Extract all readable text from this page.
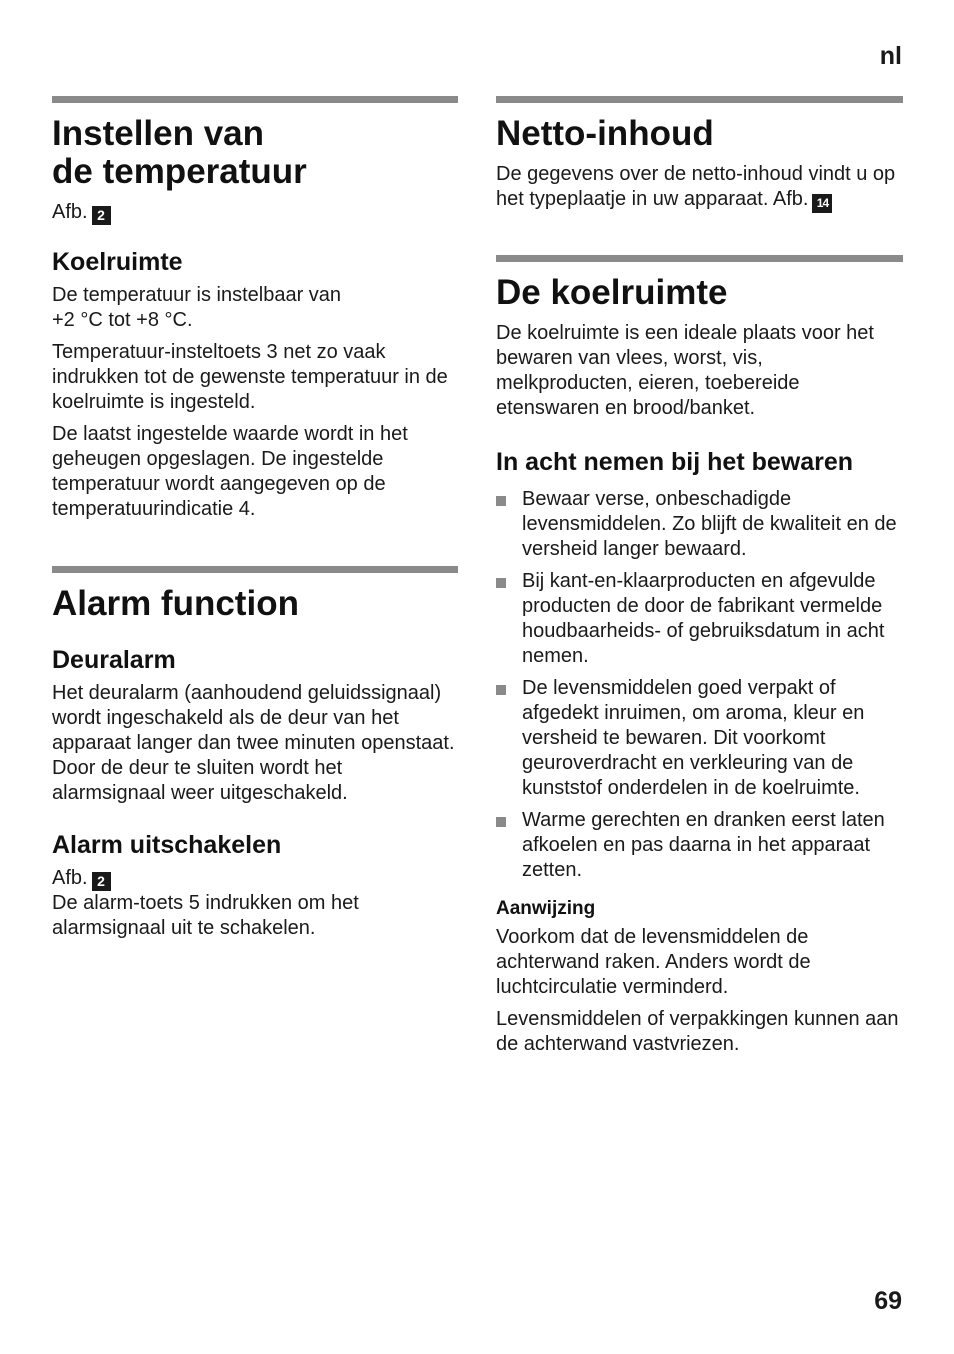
nl
Instellen van
de temperatuur

Afb. 2

Koelruimte

De temperatuur is instelbaar van
+2 °C tot +8 °C.

Temperatuur-insteltoets 3 net zo vaak indrukken tot de gewenste temperatuur in de koelruimte is ingesteld.

De laatst ingestelde waarde wordt in het geheugen opgeslagen. De ingestelde temperatuur wordt aangegeven op de temperatuurindicatie 4.

Alarm function
Deuralarm

Het deuralarm (aanhoudend geluidssignaal) wordt ingeschakeld als de deur van het apparaat langer dan twee minuten openstaat. Door de deur te sluiten wordt het alarmsignaal weer uitgeschakeld.

Alarm uitschakelen

Afb. 2

De alarm-toets 5 indrukken om het alarmsignaal uit te schakelen.

Netto-inhoud

De gegevens over de netto-inhoud vindt u op het typeplaatje in uw apparaat. Afb. 14

De koelruimte

De koelruimte is een ideale plaats voor het bewaren van vlees, worst, vis, melkproducten, eieren, toebereide etenswaren en brood/banket.

In acht nemen bij het bewaren
Bewaar verse, onbeschadigde levensmiddelen. Zo blijft de kwaliteit en de versheid langer bewaard.
Bij kant-en-klaarproducten en afgevulde producten de door de fabrikant vermelde houdbaarheids- of gebruiksdatum in acht nemen.
De levensmiddelen goed verpakt of afgedekt inruimen, om aroma, kleur en versheid te bewaren. Dit voorkomt geuroverdracht en verkleuring van de kunststof onderdelen in de koelruimte.
Warme gerechten en dranken eerst laten afkoelen en pas daarna in het apparaat zetten.
Aanwijzing

Voorkom dat de levensmiddelen de achterwand raken. Anders wordt de luchtcirculatie verminderd.

Levensmiddelen of verpakkingen kunnen aan de achterwand vastvriezen.

69
